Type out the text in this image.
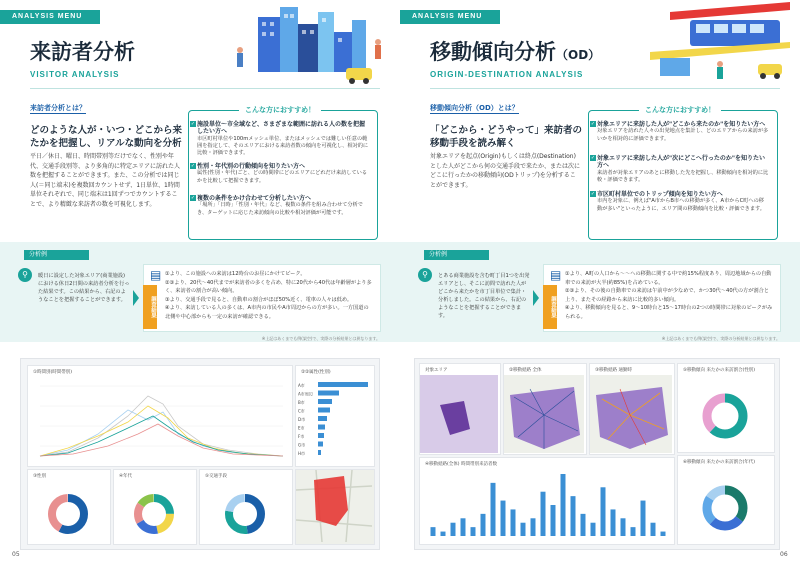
ANALYSIS MENU 01
来訪者分析
VISITOR ANALYSIS
来訪者分析とは？
どのような人が・いつ・どこから来たかを把握し、リアルな動向を分析
平日／休日、曜日、時間帯別等だけでなく、性別や年代、交通手段別等、より多角的に特定エリアに訪れた人数を把握することができます。また、この分析では同じ人(＝同じ端末)を複数回カウントせず、1日単位、1時間単位それぞれで、同じ端末は1回ずつでカウントすることで、より精緻な来訪者の数を可視化します。
こんな方におすすめ！
✓ 施設単位～市全域など、さまざまな範囲に訪れる人の数を把握したい方へ
市区町村単位や100mメッシュ単位、またはメッシュでは難しい任意の範囲を指定して、そのエリアにおける来訪者数の傾向を可視化し、相対的に比較・評価できます。
✓ 性別・年代別の行動傾向を知りたい方へ
属性(性別・年代)ごと、どの時間帯にどのエリアにどれだけ来訪しているかを比較して把握できます。
✓ 複数の条件をかけ合わせて分析したい方へ
「場所」「日時」「性別・年代」など、複数の条件を組み合わせて分析でき、ターゲットに応じた来訪傾向の比較や相対評価が可能です。
分析例
⚲	暖日に設定した対象エリア(商業施設)における休日2日間の来訪者分析を行った結果です。この結果から、右記のようなことを把握することができます。	調査結果
▤ ①より、この施設への来訪は12時台のお昼にかけてピーク。
②③より、20代～40代までが来訪者の多くを占め、特に20代から40代は年齢層がより多く、来訪者の割合が高い傾向。
③より、交通手段で見ると、自動車の割合がほぼ50%近く、電車の人々は低め。
④より、来訪している人の多くは、A市内の市民やA市周辺からの方が多い。一方国道の北側や中心部からも一定の来訪が確認できる。
※上記はあくまでも例(架空)で、実際の分析結果とは異なります。
①時間別(時間帯別)	②②属性(性別)
A市
A市周辺
B市
C市
D市
E市
F市
G市
H市
③性別	④年代	⑤交通手段
05
ANALYSIS MENU 02
移動傾向分析（OD）
ORIGIN-DESTINATION ANALYSIS
移動傾向分析（OD）とは？
「どこから・どうやって」来訪者の移動手段を読み解く
対象エリアを起点(Origin)もしくは終点(Destination)とした人がどこから何の交通手段で来たか、または次にどこに行ったかの移動傾向(ODトリップ)を分析することができます。
こんな方におすすめ！
✓ 対象エリアに来訪した人が"どこから来たのか"を知りたい方へ
対象エリアを訪れた人々の出発地点を集計し、どのエリアからの来訪が多いかを相対的に評価できます。
✓ 対象エリアに来訪した人が"次にどこへ行ったのか"を知りたい方へ
来訪者が対象エリアのあとに移動した先を把握し、移動傾向を相対的に比較・評価できます。
✓ 市区町村単位でのトリップ傾向を知りたい方へ
市内を対象に、例えば"A市からB市への移動が多く、A市からC町への移動が多い"といったように、エリア間の移動傾向を比較・評価できます。
分析例
⚲	とある商業施設を含む町丁目1つを出発エリアとし、そこに訪問で訪れた人がどこから来たかを市丁目単位で集計・分析しました。この結果から、右記のようなことを把握することができます。	調査結果
▤ ①より、A町の人口から～～への移動に関する中で約15%程度あり、周辺地域からの自動車での来訪が大半(約85%)を占めている。
②③より、その後の自動車での来訪は午前中が少なめで、かつ30代～40代の方が割合と上り、またその経路から来訪に比較的多い傾向。
④より、移動傾向を見ると、9～10時台と15～17時台の2つの時間帯に対象のピークがみられる。
※上記はあくまでも例(架空)で、実際の分析結果とは異なります。
対象エリア	②移動経路 全体	③移動経路 通勤時
④移動経路(全体) 時間帯別来訪者数
⑤移動傾向 来たかの来訪割合(性別)
⑥移動傾向 来たかの来訪割合(年代)
06
